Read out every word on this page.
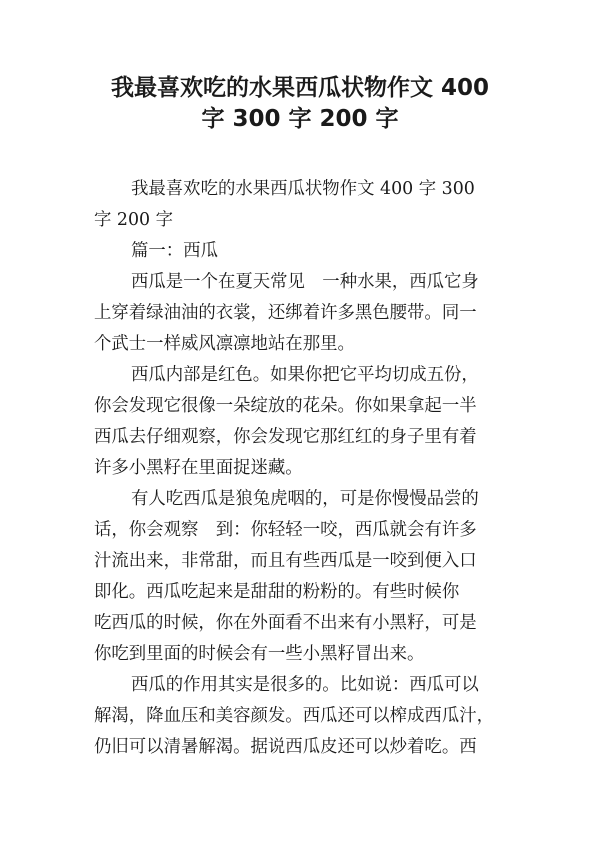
我最喜欢吃的水果西瓜状物作文 400
字 300 字 200 字
我最喜欢吃的水果西瓜状物作文 400 字 300
字 200 字
篇一：西瓜
西瓜是一个在夏天常见　一种水果，西瓜它身
上穿着绿油油的衣裳，还绑着许多黑色腰带。同一
个武士一样威风凛凛地站在那里。
西瓜内部是红色。如果你把它平均切成五份，
你会发现它很像一朵绽放的花朵。你如果拿起一半
西瓜去仔细观察，你会发现它那红红的身子里有着
许多小黑籽在里面捉迷藏。
有人吃西瓜是狼兔虎咽的，可是你慢慢品尝的
话，你会观察　到：你轻轻一咬，西瓜就会有许多
汁流出来，非常甜，而且有些西瓜是一咬到便入口
即化。西瓜吃起来是甜甜的粉粉的。有些时候你
吃西瓜的时候，你在外面看不出来有小黑籽，可是
你吃到里面的时候会有一些小黑籽冒出来。
西瓜的作用其实是很多的。比如说：西瓜可以
解渴，降血压和美容颜发。西瓜还可以榨成西瓜汁，
仍旧可以清暑解渴。据说西瓜皮还可以炒着吃。西
